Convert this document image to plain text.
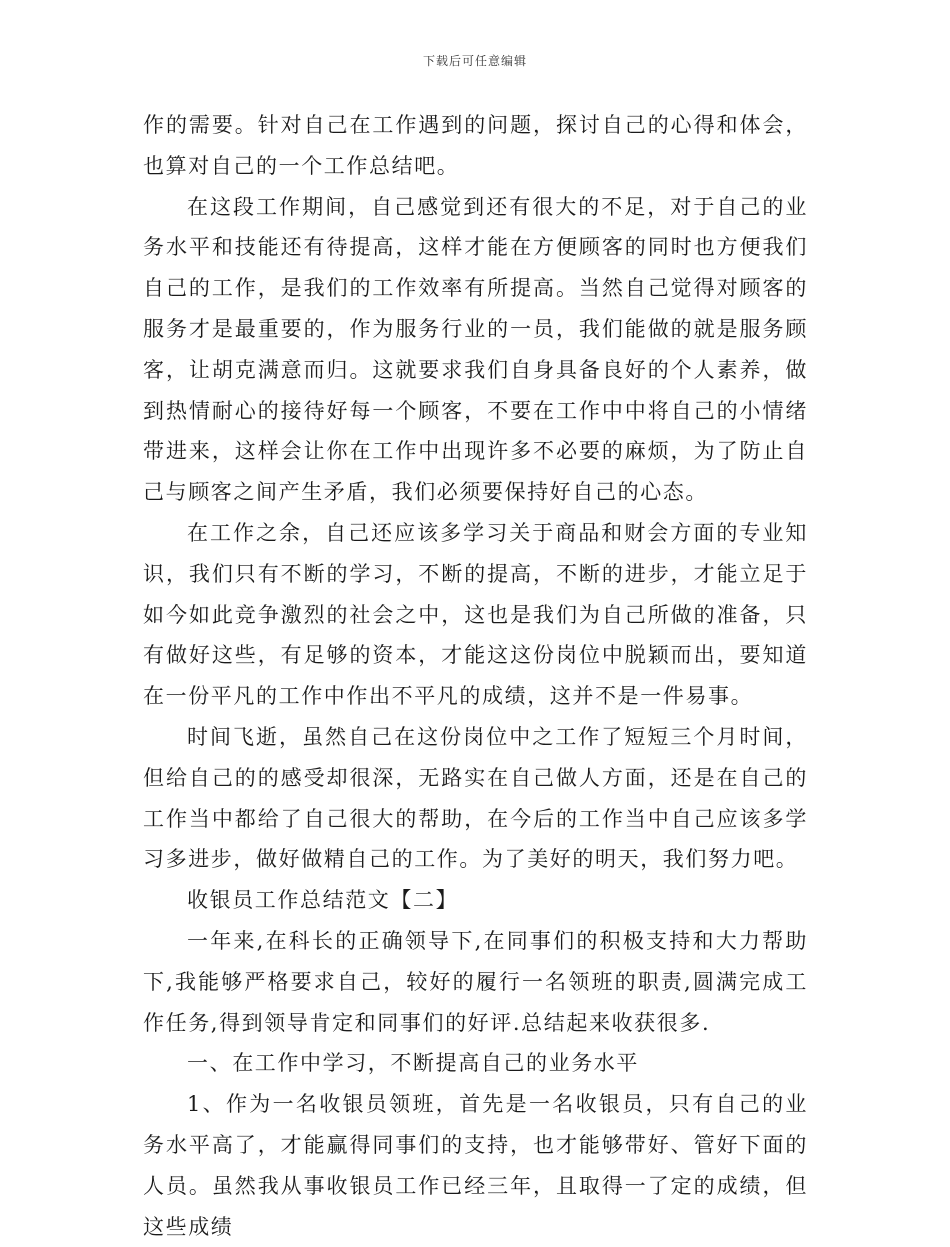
下载后可任意编辑

作的需要。针对自己在工作遇到的问题，探讨自己的心得和体会，也算对自己的一个工作总结吧。

在这段工作期间，自己感觉到还有很大的不足，对于自己的业务水平和技能还有待提高，这样才能在方便顾客的同时也方便我们自己的工作，是我们的工作效率有所提高。当然自己觉得对顾客的服务才是最重要的，作为服务行业的一员，我们能做的就是服务顾客，让胡克满意而归。这就要求我们自身具备良好的个人素养，做到热情耐心的接待好每一个顾客，不要在工作中中将自己的小情绪带进来，这样会让你在工作中出现许多不必要的麻烦，为了防止自己与顾客之间产生矛盾，我们必须要保持好自己的心态。

在工作之余，自己还应该多学习关于商品和财会方面的专业知识，我们只有不断的学习，不断的提高，不断的进步，才能立足于如今如此竞争激烈的社会之中，这也是我们为自己所做的准备，只有做好这些，有足够的资本，才能这这份岗位中脱颖而出，要知道在一份平凡的工作中作出不平凡的成绩，这并不是一件易事。

时间飞逝，虽然自己在这份岗位中之工作了短短三个月时间，但给自己的的感受却很深，无路实在自己做人方面，还是在自己的工作当中都给了自己很大的帮助，在今后的工作当中自己应该多学习多进步，做好做精自己的工作。为了美好的明天，我们努力吧。

收银员工作总结范文【二】

一年来,在科长的正确领导下,在同事们的积极支持和大力帮助下,我能够严格要求自己，较好的履行一名领班的职责,圆满完成工作任务,得到领导肯定和同事们的好评.总结起来收获很多.

一、在工作中学习，不断提高自己的业务水平

1、作为一名收银员领班，首先是一名收银员，只有自己的业务水平高了，才能赢得同事们的支持，也才能够带好、管好下面的人员。虽然我从事收银员工作已经三年，且取得一了定的成绩，但这些成绩
